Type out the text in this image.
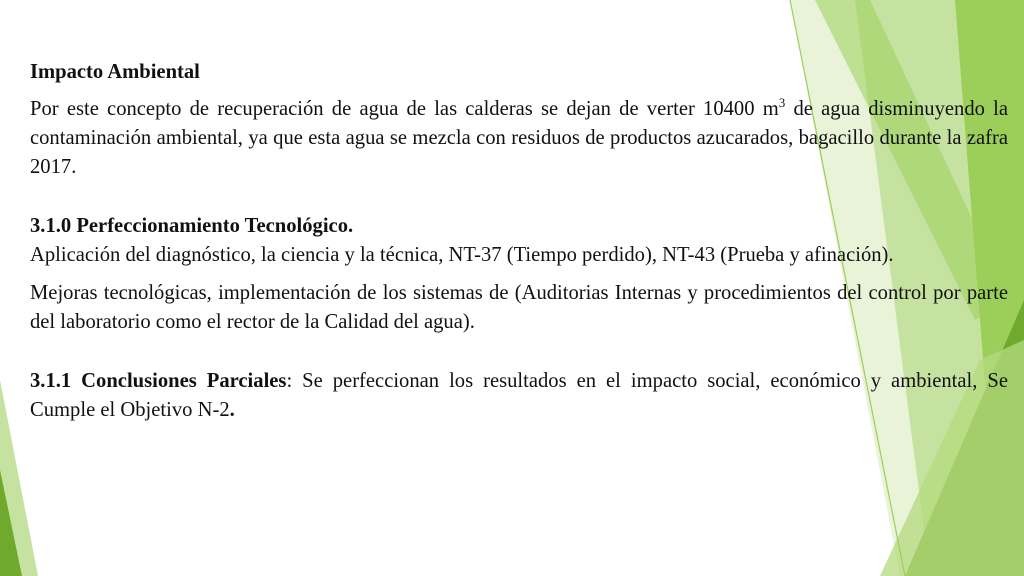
Impacto Ambiental
Por este concepto de recuperación de agua de las calderas se dejan de verter 10400 $m^3$ de agua disminuyendo la contaminación ambiental, ya que esta agua se mezcla con residuos de productos azucarados, bagacillo durante la zafra 2017.

3.1.0 Perfeccionamiento Tecnológico.
Aplicación del diagnóstico, la ciencia y la técnica, NT-37 (Tiempo perdido), NT-43 (Prueba y afinación).

Mejoras tecnológicas, implementación de los sistemas de (Auditorias Internas y procedimientos del control por parte del laboratorio como el rector de la Calidad del agua).

3.1.1 Conclusiones Parciales: Se perfeccionan los resultados en el impacto social, económico y ambiental, Se Cumple el Objetivo N-2.
